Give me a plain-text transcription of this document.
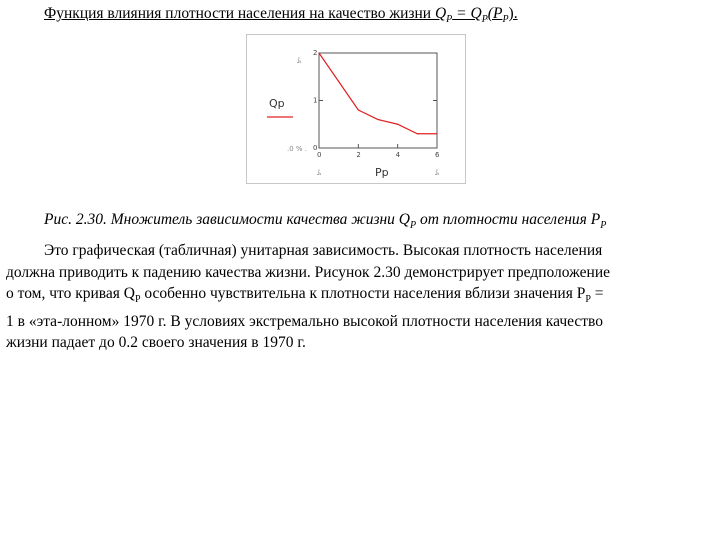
Функция влияния плотности населения на качество жизни $Q_P = Q_P(P_P)$.
ﾑ
.0 % .
ﾑ	ﾑ
0	2	4	6
0
1
2
Qp
Pp
Рис. 2.30. Множитель зависимости качества жизни $Q_P$ от плотности населения $P_P$
Это графическая (табличная) унитарная зависимость. Высокая плотность населения
должна приводить к падению качества жизни. Рисунок 2.30 демонстрирует предположение
о том, что кривая $Q_P$ особенно чувствительна к плотности населения вблизи значения $P_P$ =
1 в «эта-лонном» 1970 г. В условиях экстремально высокой плотности населения качество
жизни падает до 0.2 своего значения в 1970 г.
